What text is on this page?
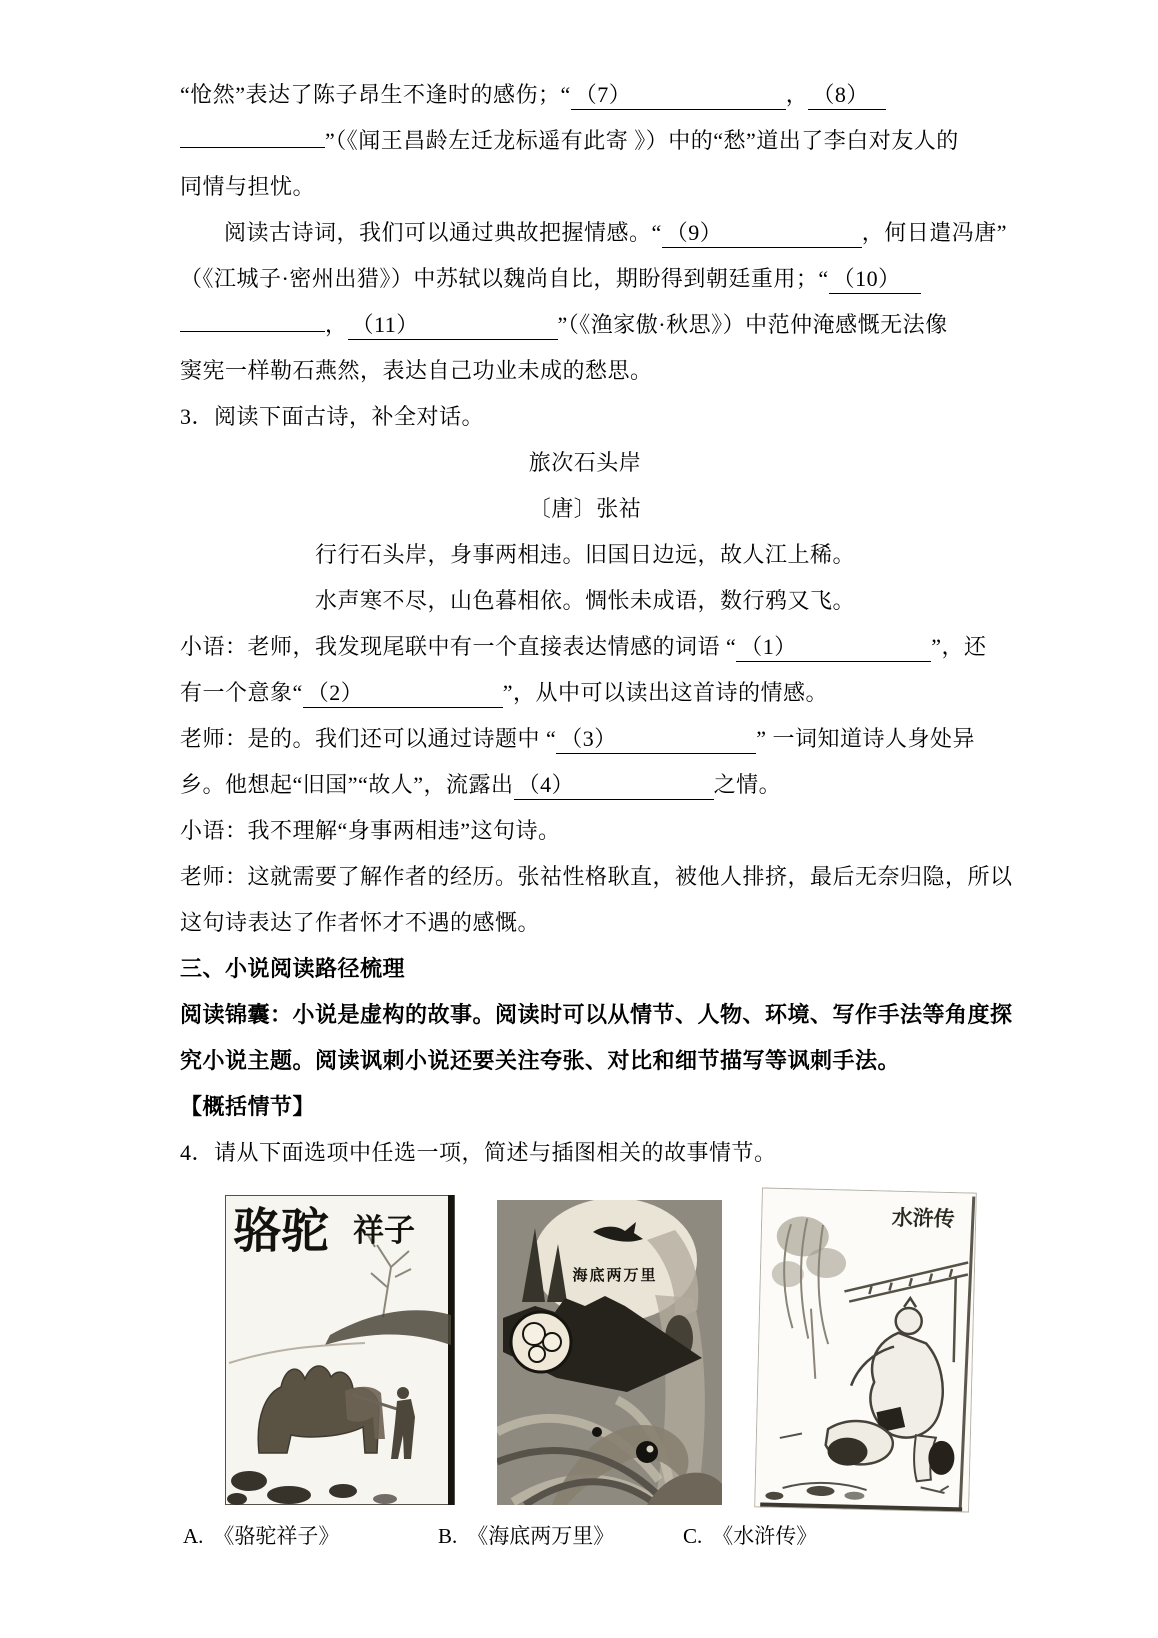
“怆然”表达了陈子昂生不逢时的感伤；“ （7）	， （8）
”（《闻王昌龄左迁龙标遥有此寄 》）中的“愁”道出了李白对友人的
同情与担忧。
阅读古诗词，我们可以通过典故把握情感。“ （9）	，何日遣冯唐”
（《江城子·密州出猎》）中苏轼以魏尚自比，期盼得到朝廷重用；“ （10）
， （11）	”（《渔家傲·秋思》）中范仲淹感慨无法像
窦宪一样勒石燕然，表达自己功业未成的愁思。
3．阅读下面古诗，补全对话。
旅次石头岸
〔唐〕张祜
行行石头岸，身事两相违。旧国日边远，故人江上稀。
水声寒不尽，山色暮相依。惆怅未成语，数行鸦又飞。
小语：老师，我发现尾联中有一个直接表达情感的词语 “ （1）	”，还
有一个意象“ （2）	”，从中可以读出这首诗的情感。
老师：是的。我们还可以通过诗题中 “ （3）	” 一词知道诗人身处异
乡。他想起“旧国”“故人”，流露出 （4）	之情。
小语：我不理解“身事两相违”这句诗。
老师：这就需要了解作者的经历。张祜性格耿直，被他人排挤，最后无奈归隐，所以
这句诗表达了作者怀才不遇的感慨。
三、小说阅读路径梳理
阅读锦囊：小说是虚构的故事。阅读时可以从情节、人物、环境、写作手法等角度探
究小说主题。阅读讽刺小说还要关注夸张、对比和细节描写等讽刺手法。
【概括情节】
4．请从下面选项中任选一项，简述与插图相关的故事情节。
骆驼 祥子
海底两万里
水浒传
A. 《骆驼祥子》	B. 《海底两万里》	C. 《水浒传》
